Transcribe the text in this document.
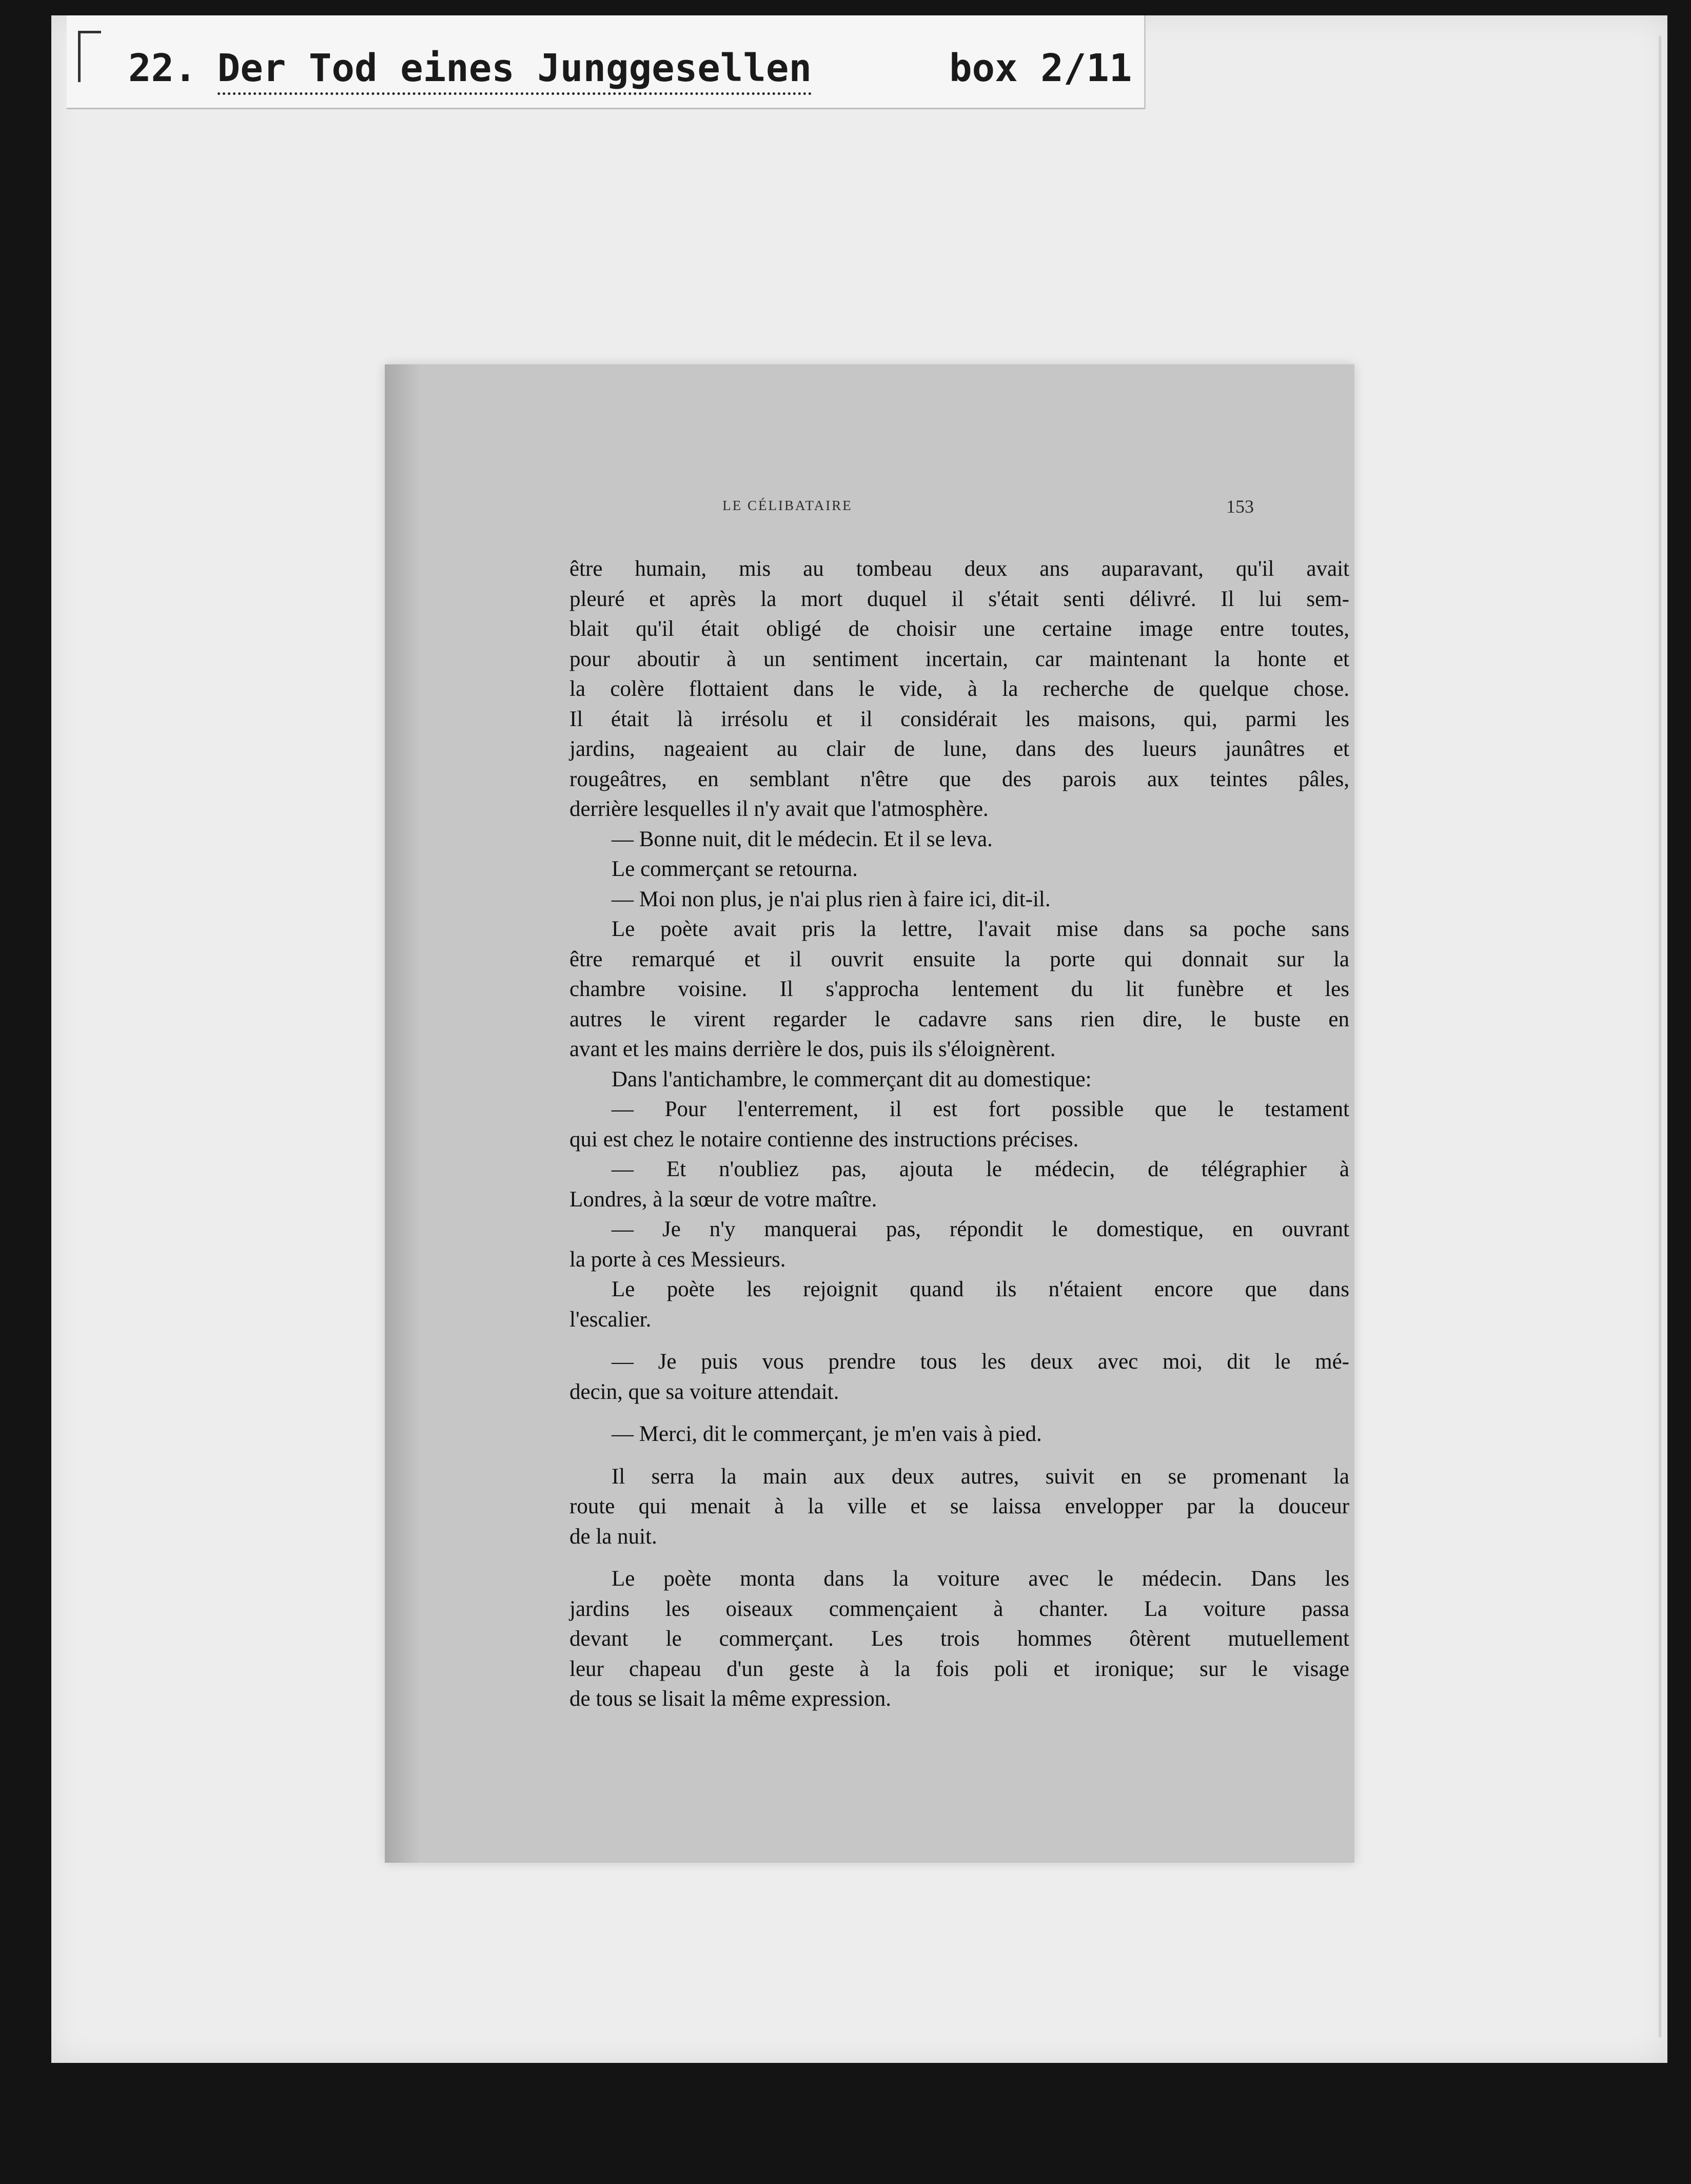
22. Der Tod eines Junggesellen	box 2/11
LE CÉLIBATAIRE	153
être humain, mis au tombeau deux ans auparavant, qu'il avait
pleuré et après la mort duquel il s'était senti délivré. Il lui sem-
blait qu'il était obligé de choisir une certaine image entre toutes,
pour aboutir à un sentiment incertain, car maintenant la honte et
la colère flottaient dans le vide, à la recherche de quelque chose.
Il était là irrésolu et il considérait les maisons, qui, parmi les
jardins, nageaient au clair de lune, dans des lueurs jaunâtres et
rougeâtres, en semblant n'être que des parois aux teintes pâles,
derrière lesquelles il n'y avait que l'atmosphère.
— Bonne nuit, dit le médecin. Et il se leva.
Le commerçant se retourna.
— Moi non plus, je n'ai plus rien à faire ici, dit-il.
Le poète avait pris la lettre, l'avait mise dans sa poche sans
être remarqué et il ouvrit ensuite la porte qui donnait sur la
chambre voisine. Il s'approcha lentement du lit funèbre et les
autres le virent regarder le cadavre sans rien dire, le buste en
avant et les mains derrière le dos, puis ils s'éloignèrent.
Dans l'antichambre, le commerçant dit au domestique:
— Pour l'enterrement, il est fort possible que le testament
qui est chez le notaire contienne des instructions précises.
— Et n'oubliez pas, ajouta le médecin, de télégraphier à
Londres, à la sœur de votre maître.
— Je n'y manquerai pas, répondit le domestique, en ouvrant
la porte à ces Messieurs.
Le poète les rejoignit quand ils n'étaient encore que dans
l'escalier.
— Je puis vous prendre tous les deux avec moi, dit le mé-
decin, que sa voiture attendait.
— Merci, dit le commerçant, je m'en vais à pied.
Il serra la main aux deux autres, suivit en se promenant la
route qui menait à la ville et se laissa envelopper par la douceur
de la nuit.
Le poète monta dans la voiture avec le médecin. Dans les
jardins les oiseaux commençaient à chanter. La voiture passa
devant le commerçant. Les trois hommes ôtèrent mutuellement
leur chapeau d'un geste à la fois poli et ironique; sur le visage
de tous se lisait la même expression.
